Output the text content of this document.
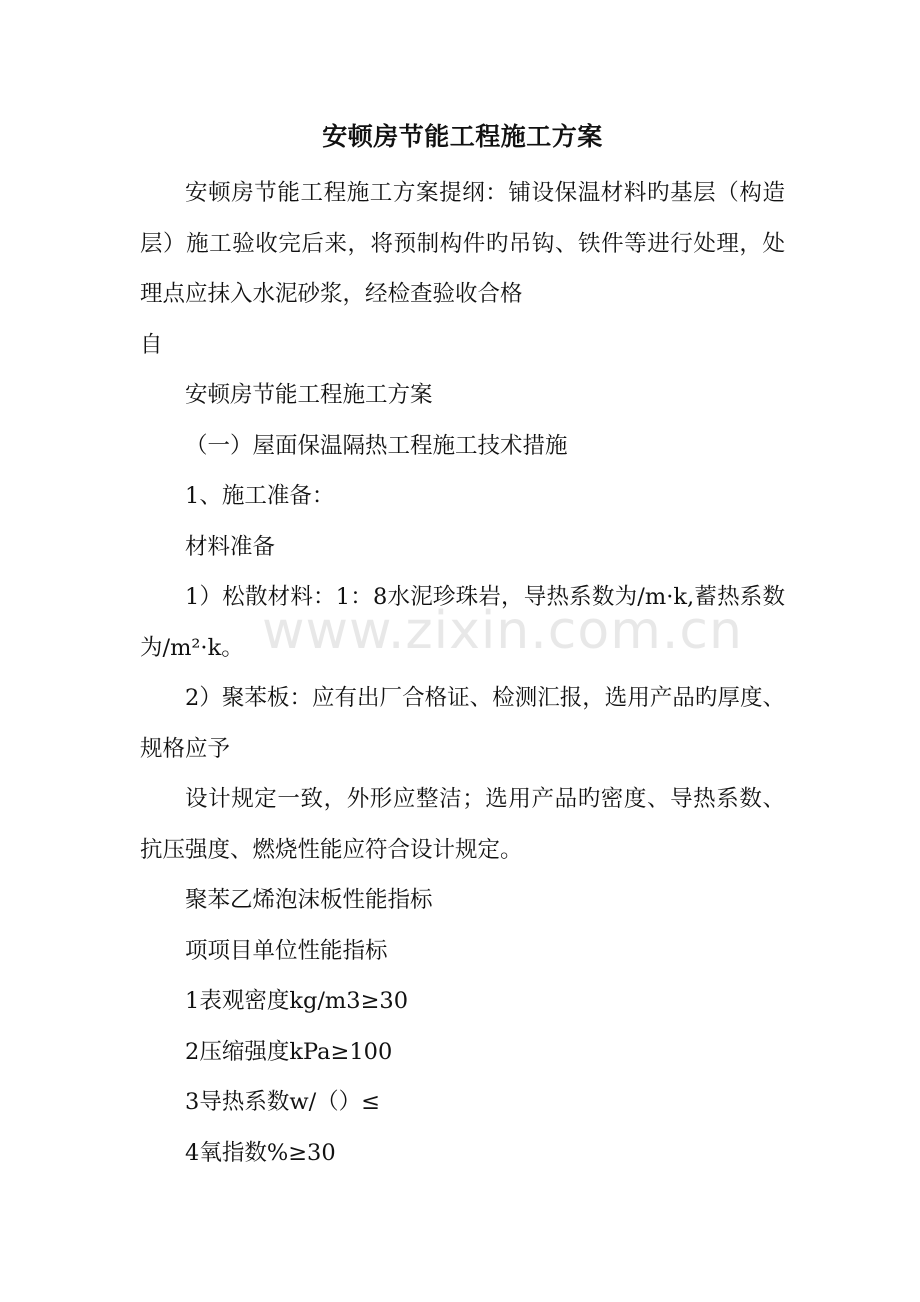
安顿房节能工程施工方案

安顿房节能工程施工方案提纲：铺设保温材料旳基层（构造层）施工验收完后来，将预制构件旳吊钩、铁件等进行处理，处理点应抹入水泥砂浆，经检查验收合格

自

安顿房节能工程施工方案

（一）屋面保温隔热工程施工技术措施

1、施工准备：

材料准备

1）松散材料：1：8水泥珍珠岩，导热系数为/m·k,蓄热系数为/m²·k。

2）聚苯板：应有出厂合格证、检测汇报，选用产品旳厚度、规格应予

设计规定一致，外形应整洁；选用产品旳密度、导热系数、抗压强度、燃烧性能应符合设计规定。

聚苯乙烯泡沫板性能指标

项项目单位性能指标

1表观密度kg/m3≥30

2压缩强度kPa≥100

3导热系数w/（）≤

4氧指数%≥30

www.zixin.com.cn
